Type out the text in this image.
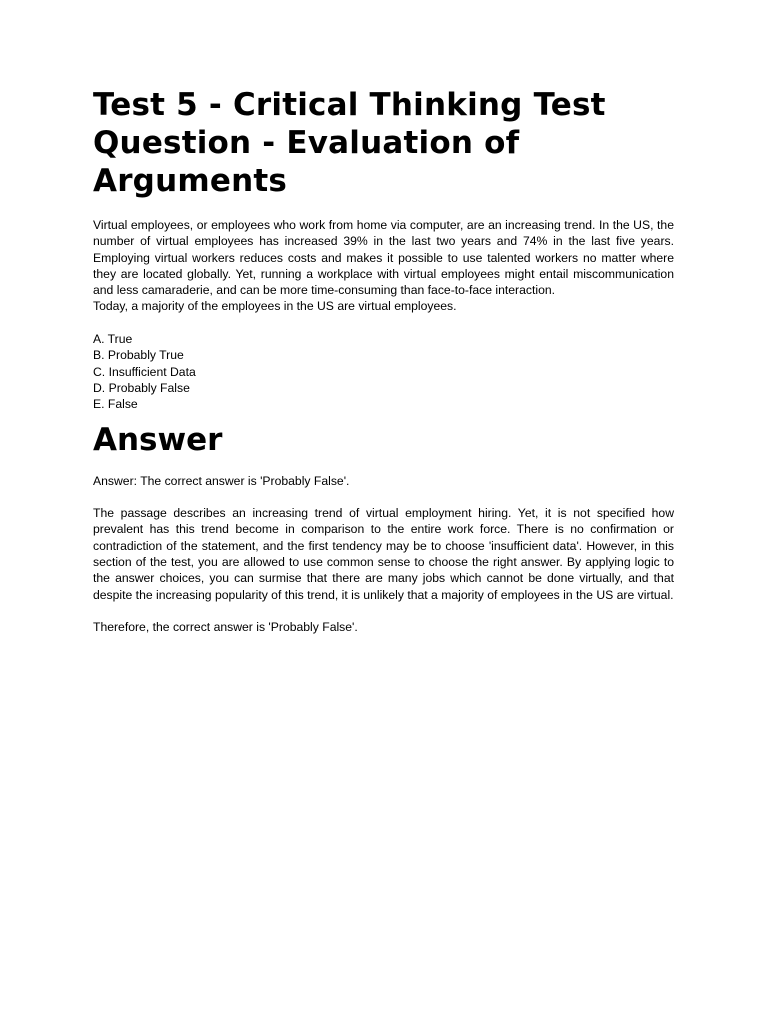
Test 5 - Critical Thinking Test Question - Evaluation of Arguments

Virtual employees, or employees who work from home via computer, are an increasing trend. In the US, the number of virtual employees has increased 39% in the last two years and 74% in the last five years. Employing virtual workers reduces costs and makes it possible to use talented workers no matter where they are located globally. Yet, running a workplace with virtual employees might entail miscommunication and less camaraderie, and can be more time-consuming than face-to-face interaction.

Today, a majority of the employees in the US are virtual employees.

A. True
B. Probably True
C. Insufficient Data
D. Probably False
E. False
Answer

Answer: The correct answer is 'Probably False'.

The passage describes an increasing trend of virtual employment hiring. Yet, it is not specified how prevalent has this trend become in comparison to the entire work force. There is no confirmation or contradiction of the statement, and the first tendency may be to choose 'insufficient data'. However, in this section of the test, you are allowed to use common sense to choose the right answer. By applying logic to the answer choices, you can surmise that there are many jobs which cannot be done virtually, and that despite the increasing popularity of this trend, it is unlikely that a majority of employees in the US are virtual.

Therefore, the correct answer is 'Probably False'.
